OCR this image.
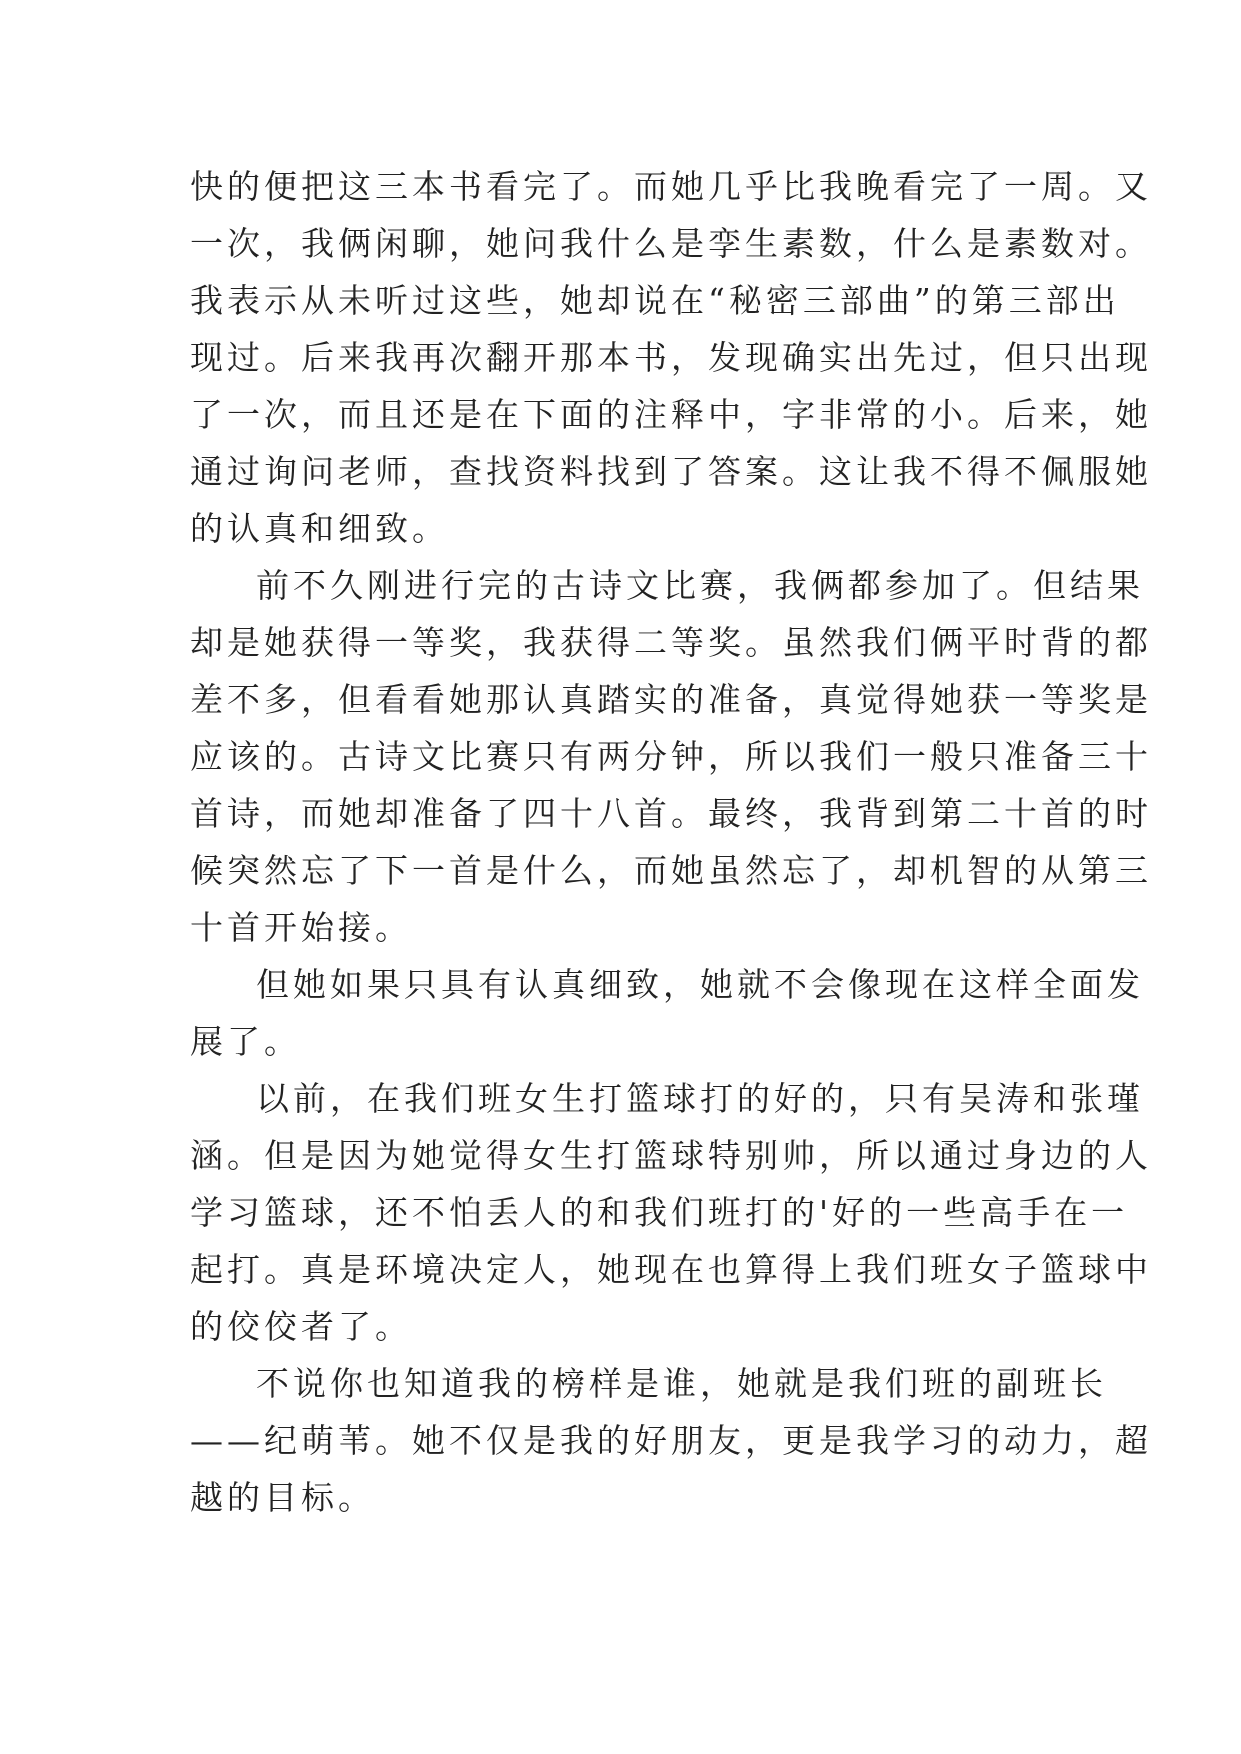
快的便把这三本书看完了。而她几乎比我晚看完了一周。又
一次，我俩闲聊，她问我什么是孪生素数，什么是素数对。
我表示从未听过这些，她却说在“秘密三部曲”的第三部出
现过。后来我再次翻开那本书，发现确实出先过，但只出现
了一次，而且还是在下面的注释中，字非常的小。后来，她
通过询问老师，查找资料找到了答案。这让我不得不佩服她
的认真和细致。
前不久刚进行完的古诗文比赛，我俩都参加了。但结果
却是她获得一等奖，我获得二等奖。虽然我们俩平时背的都
差不多，但看看她那认真踏实的准备，真觉得她获一等奖是
应该的。古诗文比赛只有两分钟，所以我们一般只准备三十
首诗，而她却准备了四十八首。最终，我背到第二十首的时
候突然忘了下一首是什么，而她虽然忘了，却机智的从第三
十首开始接。
但她如果只具有认真细致，她就不会像现在这样全面发
展了。
以前，在我们班女生打篮球打的好的，只有吴涛和张瑾
涵。但是因为她觉得女生打篮球特别帅，所以通过身边的人
学习篮球，还不怕丢人的和我们班打的'好的一些高手在一
起打。真是环境决定人，她现在也算得上我们班女子篮球中
的佼佼者了。
不说你也知道我的榜样是谁，她就是我们班的副班长
——纪萌苇。她不仅是我的好朋友，更是我学习的动力，超
越的目标。
